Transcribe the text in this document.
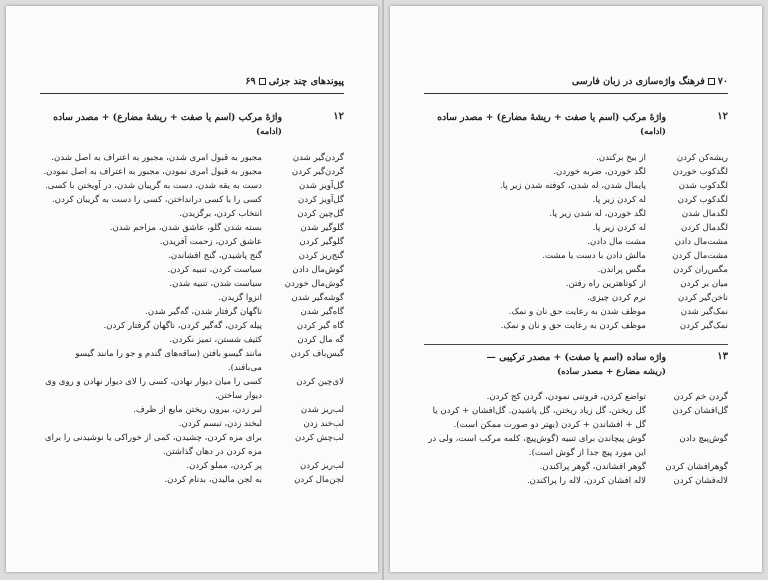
پیوندهای چند جزئی۶۹
۱۲
واژهٔ مرکب (اسم یا صفت + ریشهٔ مضارع) + مصدر ساده
(ادامه)
گردن‌گیر شدن
مجبور به قبول امری شدن، مجبور به اعتراف به اصل شدن.
گردن‌گیر کردن
مجبور به قبول امری نمودن، مجبور به اعتراف به اصل نمودن.
گل‌آویز شدن
دست به یقه شدن، دست به گریبان شدن، در آویختن با کسی.
گل‌آویز کردن
کسی را با کسی درانداختن، کسی را دست به گریبان کردن.
گل‌چین کردن
انتخاب کردن، برگزیدن.
گلوگیر شدن
بسته شدن گلو، عاشق شدن، مزاحم شدن.
گلوگیر کردن
عاشق کردن، زحمت آفریدن.
گنج‌ریز کردن
گنج پاشیدن، گنج افشاندن.
گوش‌مال دادن
سیاست کردن، تنبیه کردن.
گوش‌مال خوردن
سیاست شدن، تنبیه شدن.
گوشه‌گیر شدن
انزوا گزیدن.
گاه‌گیر شدن
ناگهان گرفتار شدن، گه‌گیر شدن.
گاه گیر کردن
پیله کردن، گه‌گیر کردن، ناگهان گرفتار کردن.
گه مال کردن
کثیف شستن، تمیز نکردن.
گیس‌باف کردن
مانند گیسو بافتن (ساقه‌های گندم و جو را مانند گیسو می‌بافند).
لای‌چین کردن
کسی را میان دیوار نهادن، کسی را لای دیوار نهادن و روی وی دیوار ساختن.
لب‌ریز شدن
لبر زدن، بیرون ریختن مایع از ظرف.
لب‌خند زدن
لبخند زدن، تبسم کردن.
لب‌چش کردن
برای مزه کردن، چشیدن، کمی از خوراکی یا نوشیدنی را برای مزه کردن در دهان گذاشتن.
لب‌ریز کردن
پر کردن، مملو کردن.
لجن‌مال کردن
به لجن مالیدن، بدنام کردن.
۷۰فرهنگ واژه‌سازی در زبان فارسی
۱۲
واژهٔ مرکب (اسم یا صفت + ریشهٔ مضارع) + مصدر ساده
(ادامه)
ریشه‌کن کردن
از بیخ برکندن.
لگدکوب خوردن
لگد خوردن، ضربه خوردن.
لگدکوب شدن
پایمال شدن، له شدن، کوفته شدن زیر پا.
لگدکوب کردن
له کردن زیر پا.
لگدمال شدن
لگد خوردن، له شدن زیر پا.
لگدمال کردن
له کردن زیر پا.
مشت‌مال دادن
مشت مال دادن.
مشت‌مال کردن
مالش دادن با دست یا مشت.
مگس‌ران کردن
مگس پراندن.
میان بر کردن
از کوتاهترین راه رفتن.
ناخن‌گیر کردن
نرم کردن چیزی.
نمک‌گیر شدن
موظف شدن به رعایت حق نان و نمک.
نمک‌گیر کردن
موظف کردن به رعایت حق و نان و نمک.
۱۳
واژه ساده (اسم یا صفت) + مصدر ترکیبی —
(ریشه مضارع + مصدر ساده)
گردن خم کردن
تواضع کردن، فروتنی نمودن، گردن کج کردن.
گل‌افشان کردن
گل ریختن، گل زیاد ریختن، گل پاشیدن. گل‌افشان + کردن یا گل + افشاندن + کردن (بهتر دو صورت ممکن است).
گوش‌پیچ دادن
گوش پیچاندن برای تنبیه (گوش‌پیچ، کلمه مرکب است، ولی در این مورد پیچ جدا از گوش است).
گوهرافشان کردن
گوهر افشاندن، گوهر پراکندن.
لاله‌فشان کردن
لاله افشان کردن، لاله را پراکندن.
